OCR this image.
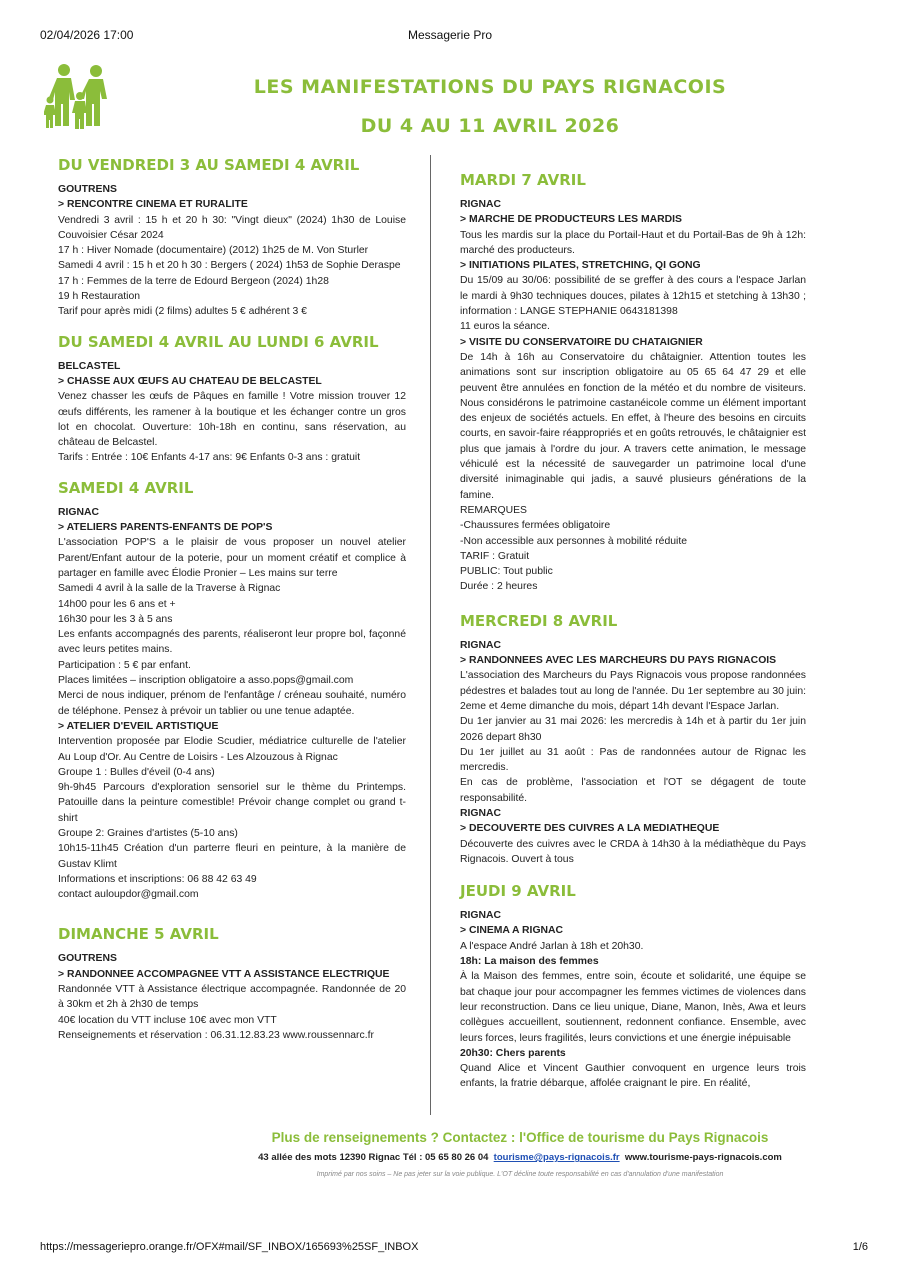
02/04/2026 17:00	Messagerie Pro
https://messageriepro.orange.fr/OFX#mail/SF_INBOX/165693%25SF_INBOX	1/6
LES MANIFESTATIONS DU PAYS RIGNACOIS
DU 4 AU 11 AVRIL 2026
DU VENDREDI 3 AU SAMEDI 4 AVRIL

GOUTRENS

> RENCONTRE CINEMA ET RURALITE

Vendredi 3 avril : 15 h et 20 h 30: "Vingt dieux" (2024) 1h30 de Louise Couvoisier César 2024

17 h : Hiver Nomade (documentaire) (2012) 1h25 de M. Von Sturler

Samedi 4 avril : 15 h et 20 h 30 : Bergers ( 2024) 1h53 de Sophie Deraspe

17 h : Femmes de la terre de Edourd Bergeon (2024) 1h28

19 h Restauration

Tarif pour après midi (2 films) adultes 5 € adhérent 3 €

DU SAMEDI 4 AVRIL AU LUNDI 6 AVRIL

BELCASTEL

> CHASSE AUX ŒUFS AU CHATEAU DE BELCASTEL

Venez chasser les œufs de Pâques en famille ! Votre mission trouver 12 œufs différents, les ramener à la boutique et les échanger contre un gros lot en chocolat. Ouverture: 10h-18h en continu, sans réservation, au château de Belcastel.

Tarifs : Entrée : 10€ Enfants 4-17 ans: 9€ Enfants 0-3 ans : gratuit

SAMEDI 4 AVRIL

RIGNAC

> ATELIERS PARENTS-ENFANTS DE POP'S

L'association POP'S a le plaisir de vous proposer un nouvel atelier Parent/Enfant autour de la poterie, pour un moment créatif et complice à partager en famille avec Élodie Pronier – Les mains sur terre

Samedi 4 avril à la salle de la Traverse à Rignac

14h00 pour les 6 ans et +

16h30 pour les 3 à 5 ans

Les enfants accompagnés des parents, réaliseront leur propre bol, façonné avec leurs petites mains.

Participation : 5 € par enfant.

Places limitées – inscription obligatoire a asso.pops@gmail.com

Merci de nous indiquer, prénom de l'enfantâge / créneau souhaité, numéro de téléphone. Pensez à prévoir un tablier ou une tenue adaptée.

> ATELIER D'EVEIL ARTISTIQUE

Intervention proposée par Elodie Scudier, médiatrice culturelle de l'atelier Au Loup d'Or. Au Centre de Loisirs - Les Alzouzous à Rignac

Groupe 1 : Bulles d'éveil (0-4 ans)

9h-9h45 Parcours d'exploration sensoriel sur le thème du Printemps. Patouille dans la peinture comestible! Prévoir change complet ou grand t-shirt

Groupe 2: Graines d'artistes (5-10 ans)

10h15-11h45 Création d'un parterre fleuri en peinture, à la manière de Gustav Klimt

Informations et inscriptions: 06 88 42 63 49

contact auloupdor@gmail.com

DIMANCHE 5 AVRIL

GOUTRENS

> RANDONNEE ACCOMPAGNEE VTT A ASSISTANCE ELECTRIQUE

Randonnée VTT à Assistance électrique accompagnée. Randonnée de 20 à 30km et 2h à 2h30 de temps

40€ location du VTT incluse 10€ avec mon VTT

Renseignements et réservation : 06.31.12.83.23 www.roussennarc.fr

MARDI 7 AVRIL

RIGNAC

> MARCHE DE PRODUCTEURS LES MARDIS

Tous les mardis sur la place du Portail-Haut et du Portail-Bas de 9h à 12h: marché des producteurs.

> INITIATIONS PILATES, STRETCHING, QI GONG

Du 15/09 au 30/06: possibilité de se greffer à des cours a l'espace Jarlan le mardi à 9h30 techniques douces, pilates à 12h15 et stetching à 13h30 ; information : LANGE STEPHANIE 0643181398

11 euros la séance.

> VISITE DU CONSERVATOIRE DU CHATAIGNIER

De 14h à 16h au Conservatoire du châtaignier. Attention toutes les animations sont sur inscription obligatoire au 05 65 64 47 29 et elle peuvent être annulées en fonction de la météo et du nombre de visiteurs. Nous considérons le patrimoine castanéicole comme un élément important des enjeux de sociétés actuels. En effet, à l'heure des besoins en circuits courts, en savoir-faire réappropriés et en goûts retrouvés, le châtaignier est plus que jamais à l'ordre du jour. A travers cette animation, le message véhiculé est la nécessité de sauvegarder un patrimoine local d'une diversité inimaginable qui jadis, a sauvé plusieurs générations de la famine.

REMARQUES

-Chaussures fermées obligatoire

-Non accessible aux personnes à mobilité réduite

TARIF : Gratuit

PUBLIC: Tout public

Durée : 2 heures

MERCREDI 8 AVRIL

RIGNAC

> RANDONNEES AVEC LES MARCHEURS DU PAYS RIGNACOIS

L'association des Marcheurs du Pays Rignacois vous propose randonnées pédestres et balades tout au long de l'année. Du 1er septembre au 30 juin: 2eme et 4eme dimanche du mois, départ 14h devant l'Espace Jarlan.

Du 1er janvier au 31 mai 2026: les mercredis à 14h et à partir du 1er juin 2026 depart 8h30

Du 1er juillet au 31 août : Pas de randonnées autour de Rignac les mercredis.

En cas de problème, l'association et l'OT se dégagent de toute responsabilité.

RIGNAC

> DECOUVERTE DES CUIVRES A LA MEDIATHEQUE

Découverte des cuivres avec le CRDA à 14h30 à la médiathèque du Pays Rignacois. Ouvert à tous

JEUDI 9 AVRIL

RIGNAC

> CINEMA A RIGNAC

A l'espace André Jarlan à 18h et 20h30.

18h: La maison des femmes

À la Maison des femmes, entre soin, écoute et solidarité, une équipe se bat chaque jour pour accompagner les femmes victimes de violences dans leur reconstruction. Dans ce lieu unique, Diane, Manon, Inès, Awa et leurs collègues accueillent, soutiennent, redonnent confiance. Ensemble, avec leurs forces, leurs fragilités, leurs convictions et une énergie inépuisable

20h30: Chers parents

Quand Alice et Vincent Gauthier convoquent en urgence leurs trois enfants, la fratrie débarque, affolée craignant le pire. En réalité,

Plus de renseignements ? Contactez : l'Office de tourisme du Pays Rignacois
43 allée des mots 12390 Rignac Tél : 05 65 80 26 04 tourisme@pays-rignacois.fr www.tourisme-pays-rignacois.com
Imprimé par nos soins – Ne pas jeter sur la voie publique. L'OT décline toute responsabilité en cas d'annulation d'une manifestation
